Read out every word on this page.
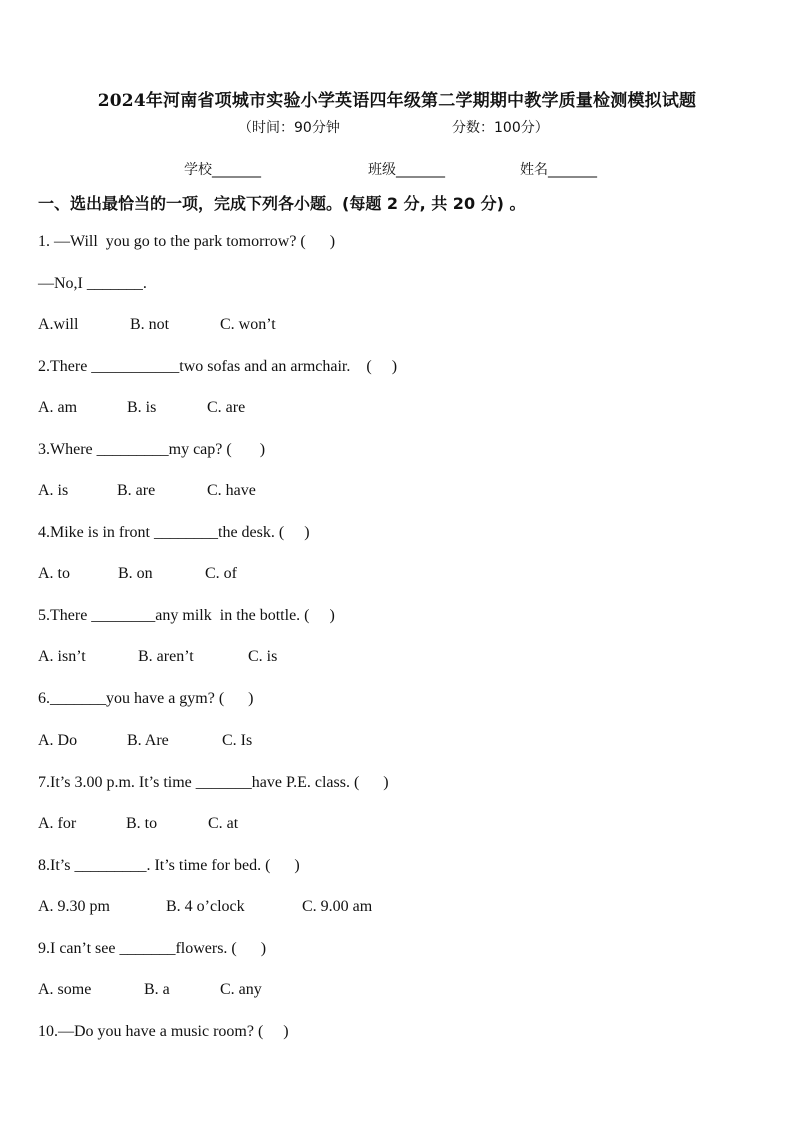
2024年河南省项城市实验小学英语四年级第二学期期中教学质量检测模拟试题
（时间：90分钟	分数：100分）
学校_______	班级_______	姓名_______
一、选出最恰当的一项，完成下列各小题。(每题 2 分, 共 20 分) 。
1. —Will  you go to the park tomorrow? (      )
—No,I _______.
A.will	B. not	C. won’t
2.There ___________two sofas and an armchair.    (     )
A. am	B. is	C. are
3.Where _________my cap? (       )
A. is	B. are	C. have
4.Mike is in front ________the desk. (     )
A. to	B. on	C. of
5.There ________any milk  in the bottle. (     )
A. isn’t	B. aren’t	C. is
6._______you have a gym? (      )
A. Do	B. Are	C. Is
7.It’s 3.00 p.m. It’s time _______have P.E. class. (      )
A. for	B. to	C. at
8.It’s _________. It’s time for bed. (      )
A. 9.30 pm	B. 4 o’clock	C. 9.00 am
9.I can’t see _______flowers. (      )
A. some	B. a	C. any
10.—Do you have a music room? (     )
